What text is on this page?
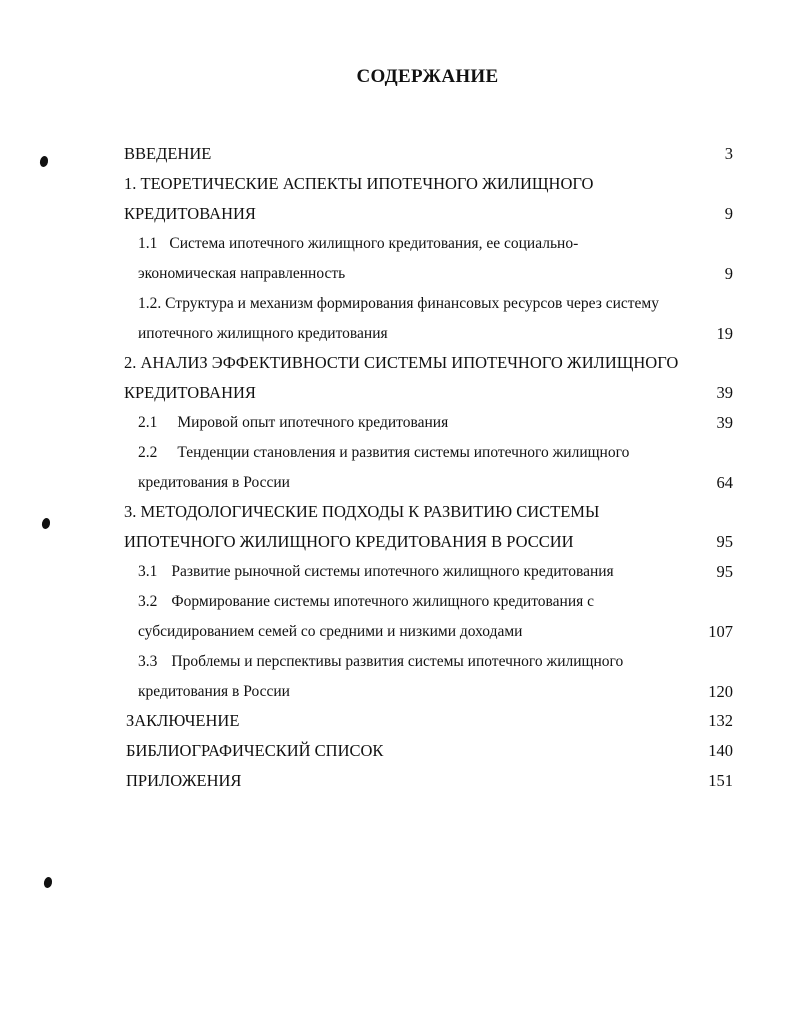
СОДЕРЖАНИЕ
ВВЕДЕНИЕ	3
1. ТЕОРЕТИЧЕСКИЕ АСПЕКТЫ ИПОТЕЧНОГО ЖИЛИЩНОГО
КРЕДИТОВАНИЯ	9
1.1 Система ипотечного жилищного кредитования, ее социально-
экономическая направленность	9
1.2. Структура и механизм формирования финансовых ресурсов через систему
ипотечного жилищного кредитования	19
2. АНАЛИЗ ЭФФЕКТИВНОСТИ СИСТЕМЫ ИПОТЕЧНОГО ЖИЛИЩНОГО
КРЕДИТОВАНИЯ	39
2.1 Мировой опыт ипотечного кредитования	39
2.2 Тенденции становления и развития системы ипотечного жилищного
кредитования в России	64
3. МЕТОДОЛОГИЧЕСКИЕ ПОДХОДЫ К РАЗВИТИЮ СИСТЕМЫ
ИПОТЕЧНОГО ЖИЛИЩНОГО КРЕДИТОВАНИЯ В РОССИИ	95
3.1 Развитие рыночной системы ипотечного жилищного кредитования	95
3.2 Формирование системы ипотечного жилищного кредитования с
субсидированием семей со средними и низкими доходами	107
3.3 Проблемы и перспективы развития системы ипотечного жилищного
кредитования в России	120
ЗАКЛЮЧЕНИЕ	132
БИБЛИОГРАФИЧЕСКИЙ СПИСОК	140
ПРИЛОЖЕНИЯ	151
